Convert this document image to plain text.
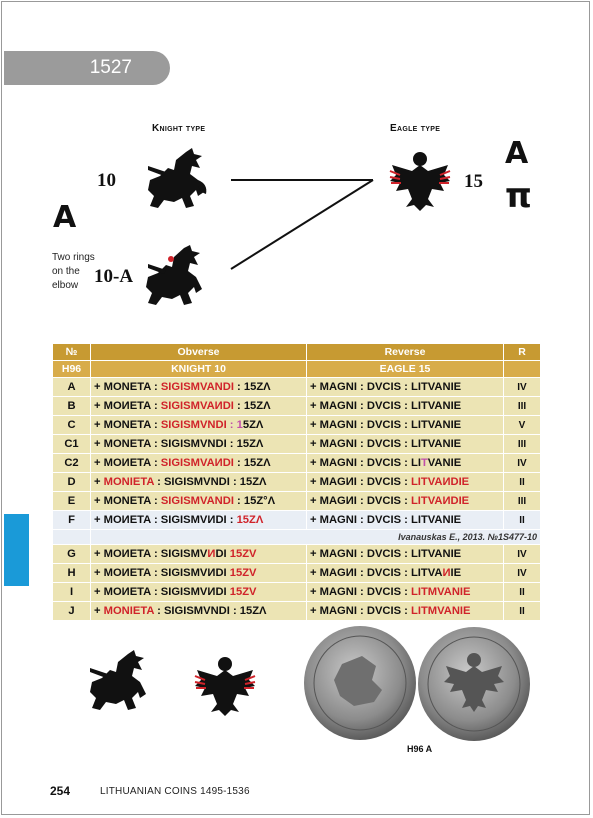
1527
Knight type	Eagle type
10
10-A
15
A
A
π
Two rings
on the
elbow
№	Obverse	Reverse	R
H96	KNIGHT 10	EAGLE 15	
A	+ MONETA : SIGISMVANDI : 15ZΛ	+ MAGNI : DVCIS : LITVANIE	IV
B	+ MOИETA : SIGISMVAИDI : 15ZΛ	+ MAGNI : DVCIS : LITVANIE	III
C	+ MONETA : SIGISMVNDI : 15ZΛ	+ MAGNI : DVCIS : LITVANIE	V
C1	+ MONETA : SIGISMVNDI : 15ZΛ	+ MAGNI : DVCIS : LITVANIE	III
C2	+ MOИETA : SIGISMVAИDI : 15ZΛ	+ MAGNI : DVCIS : LITVANIE	IV
D	+ MONIETA : SIGISMVNDI : 15ZΛ	+ MAGИI : DVCIS : LITVAИDIE	II
E	+ MONETA : SIGISMVANDI : 15Z°Λ	+ MAGИI : DVCIS : LITVAИDIE	III
F	+ MOИETA : SIGISMVИDI : 15ZΛ	+ MAGNI : DVCIS : LITVANIE	II
	Ivanauskas E., 2013. №1S477-10		
G	+ MOИETA : SIGISMVИDI 15ZV	+ MAGNI : DVCIS : LITVANIE	IV
H	+ MOИETA : SIGISMVИDI 15ZV	+ MAGИI : DVCIS : LITVAИIE	IV
I	+ MOИETA : SIGISMVИDI 15ZV	+ MAGNI : DVCIS : LITMVANIE	II
J	+ MONIETA : SIGISMVNDI : 15ZΛ	+ MAGNI : DVCIS : LITMVANIE	II
H96 A
254	LITHUANIAN COINS 1495-1536
